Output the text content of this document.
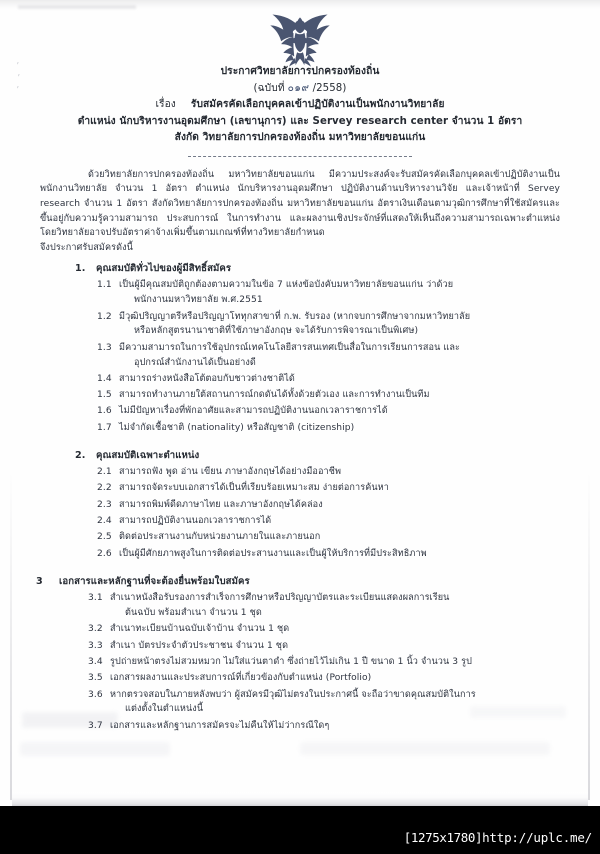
ʼ
ʼ
ʼ
ประกาศวิทยาลัยการปกครองท้องถิ่น
(ฉบับที่ ๐๑๙ /2558)
เรื่อง รับสมัครคัดเลือกบุคคลเข้าปฏิบัติงานเป็นพนักงานวิทยาลัย
ตำแหน่ง นักบริหารงานอุดมศึกษา (เลขานุการ) และ Servey research center จำนวน 1 อัตรา
สังกัด วิทยาลัยการปกครองท้องถิ่น มหาวิทยาลัยขอนแก่น

ด้วยวิทยาลัยการปกครองท้องถิ่น มหาวิทยาลัยขอนแก่น มีความประสงค์จะรับสมัครคัดเลือกบุคคลเข้าปฏิบัติงานเป็นพนักงานวิทยาลัย จำนวน 1 อัตรา ตำแหน่ง นักบริหารงานอุดมศึกษา ปฏิบัติงานด้านบริหารงานวิจัย และเจ้าหน้าที่ Servey research จำนวน 1 อัตรา สังกัดวิทยาลัยการปกครองท้องถิ่น มหาวิทยาลัยขอนแก่น อัตราเงินเดือนตามวุฒิการศึกษาที่ใช้สมัครและขึ้นอยู่กับความรู้ความสามารถ ประสบการณ์ ในการทำงาน และผลงานเชิงประจักษ์ที่แสดงให้เห็นถึงความสามารถเฉพาะตำแหน่ง โดยวิทยาลัยอาจปรับอัตราค่าจ้างเพิ่มขึ้นตามเกณฑ์ที่ทางวิทยาลัยกำหนด

จึงประกาศรับสมัครดังนี้

1. คุณสมบัติทั่วไปของผู้มีสิทธิ์สมัคร
1.1 เป็นผู้มีคุณสมบัติถูกต้องตามความในข้อ 7 แห่งข้อบังคับมหาวิทยาลัยขอนแก่น ว่าด้วย
พนักงานมหาวิทยาลัย พ.ศ.2551
1.2 มีวุฒิปริญญาตรีหรือปริญญาโททุกสาขาที่ ก.พ. รับรอง (หากจบการศึกษาจากมหาวิทยาลัย
หรือหลักสูตรนานาชาติที่ใช้ภาษาอังกฤษ จะได้รับการพิจารณาเป็นพิเศษ)
1.3 มีความสามารถในการใช้อุปกรณ์เทคโนโลยีสารสนเทศเป็นสื่อในการเรียนการสอน และ
อุปกรณ์สำนักงานได้เป็นอย่างดี
1.4 สามารถร่างหนังสือโต้ตอบกับชาวต่างชาติได้
1.5 สามารถทำงานภายใต้สถานการณ์กดดันได้ทั้งด้วยตัวเอง และการทำงานเป็นทีม
1.6 ไม่มีปัญหาเรื่องที่พักอาศัยและสามารถปฏิบัติงานนอกเวลาราชการได้
1.7 ไม่จำกัดเชื้อชาติ (nationality) หรือสัญชาติ (citizenship)
2. คุณสมบัติเฉพาะตำแหน่ง
2.1 สามารถฟัง พูด อ่าน เขียน ภาษาอังกฤษได้อย่างมืออาชีพ
2.2 สามารถจัดระบบเอกสารได้เป็นที่เรียบร้อยเหมาะสม ง่ายต่อการค้นหา
2.3 สามารถพิมพ์ดีดภาษาไทย และภาษาอังกฤษได้คล่อง
2.4 สามารถปฏิบัติงานนอกเวลาราชการได้
2.5 ติดต่อประสานงานกับหน่วยงานภายในและภายนอก
2.6 เป็นผู้มีศักยภาพสูงในการติดต่อประสานงานและเป็นผู้ให้บริการที่มีประสิทธิภาพ
3	เอกสารและหลักฐานที่จะต้องยื่นพร้อมใบสมัคร
3.1 สำเนาหนังสือรับรองการสำเร็จการศึกษาหรือปริญญาบัตรและระเบียนแสดงผลการเรียน
ต้นฉบับ พร้อมสำเนา จำนวน 1 ชุด
3.2 สำเนาทะเบียนบ้านฉบับเจ้าบ้าน จำนวน 1 ชุด
3.3 สำเนา บัตรประจำตัวประชาชน จำนวน 1 ชุด
3.4 รูปถ่ายหน้าตรงไม่สวมหมวก ไม่ใส่แว่นตาดำ ซึ่งถ่ายไว้ไม่เกิน 1 ปี ขนาด 1 นิ้ว จำนวน 3 รูป
3.5 เอกสารผลงานและประสบการณ์ที่เกี่ยวข้องกับตำแหน่ง (Portfolio)
3.6 หากตรวจสอบในภายหลังพบว่า ผู้สมัครมีวุฒิไม่ตรงในประกาศนี้ จะถือว่าขาดคุณสมบัติในการ
แต่งตั้งในตำแหน่งนี้
3.7 เอกสารและหลักฐานการสมัครจะไม่คืนให้ไม่ว่ากรณีใดๆ
[1275x1780]http://uplc.me/
